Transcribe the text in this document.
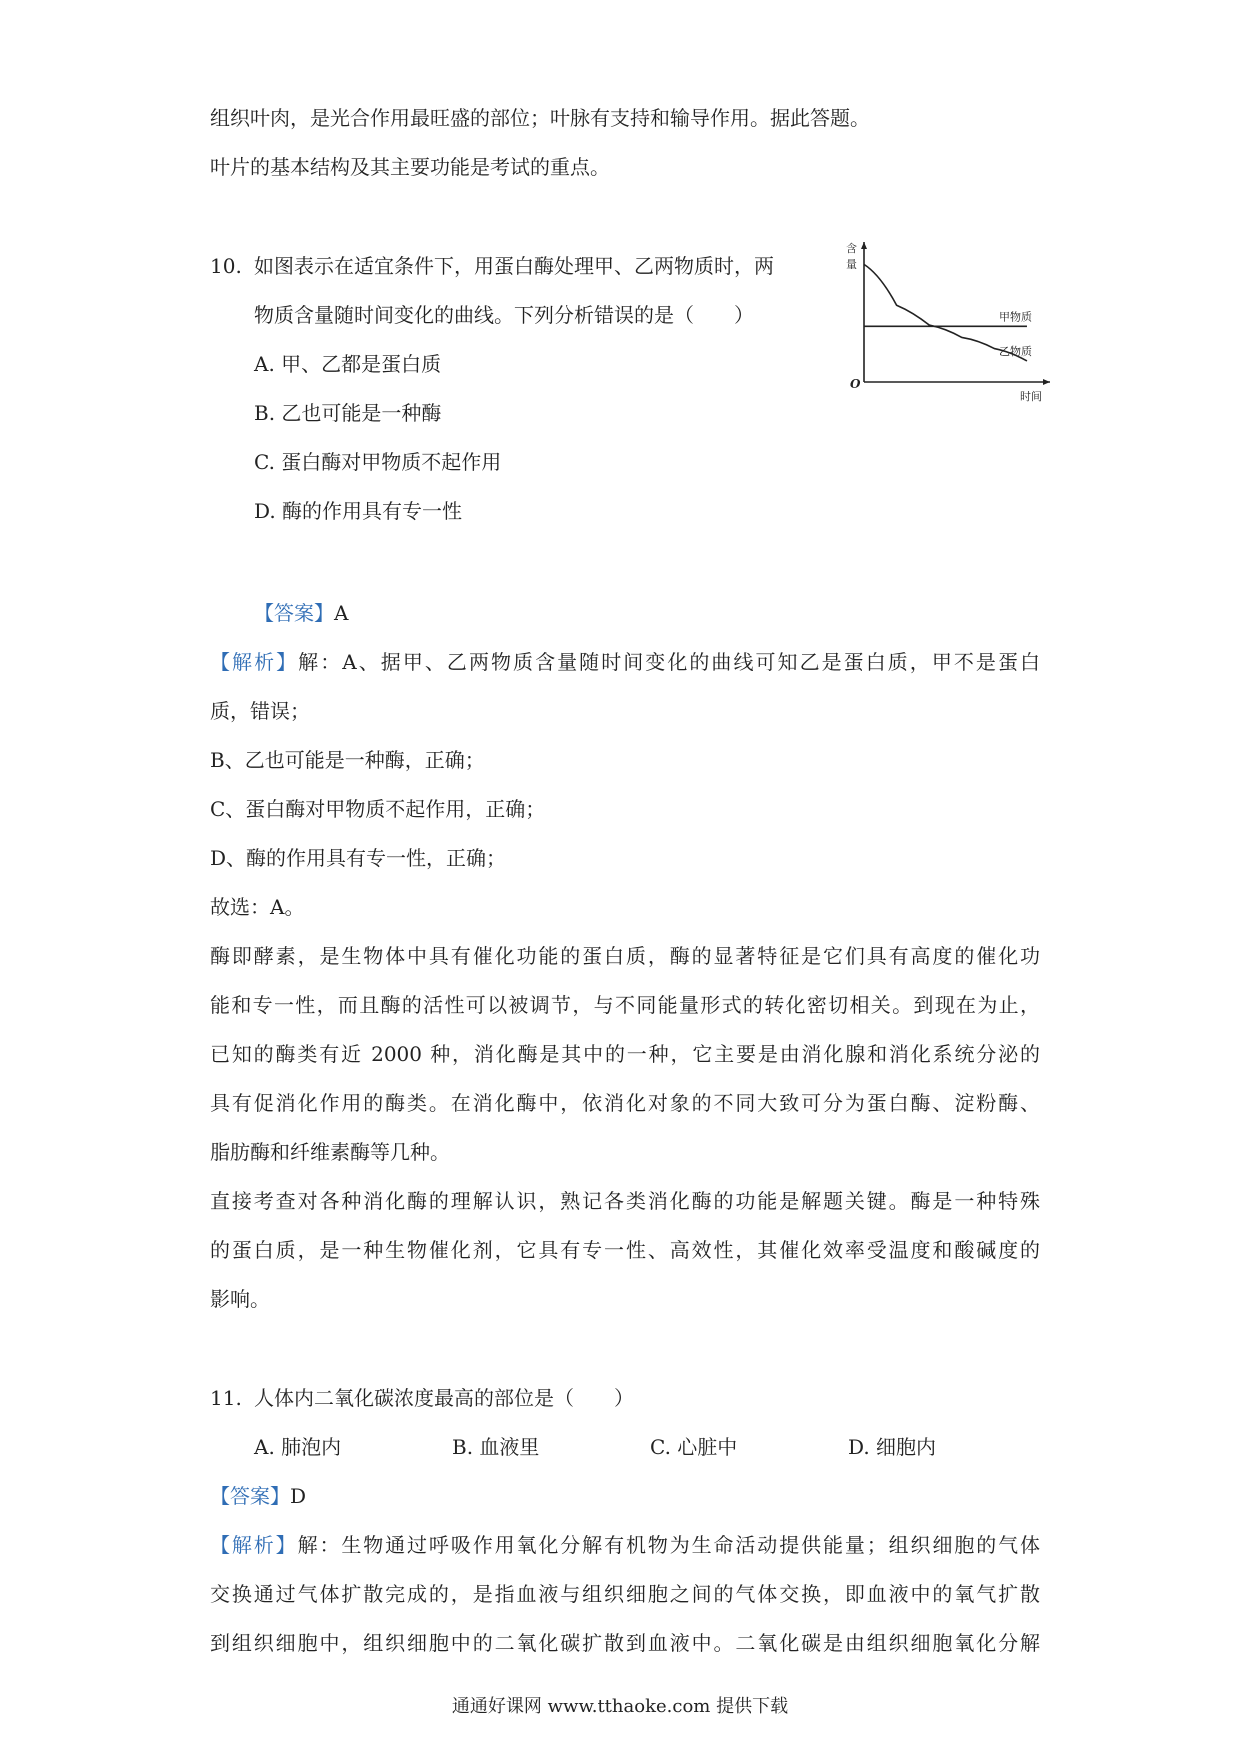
组织叶肉，是光合作用最旺盛的部位；叶脉有支持和输导作用。据此答题。
叶片的基本结构及其主要功能是考试的重点。
10. 如图表示在适宜条件下，用蛋白酶处理甲、乙两物质时，两
物质含量随时间变化的曲线。下列分析错误的是（　　）
A. 甲、乙都是蛋白质
B. 乙也可能是一种酶
C. 蛋白酶对甲物质不起作用
D. 酶的作用具有专一性
甲物质
乙物质
含
量
时间
O
【答案】A
【解析】解：A、据甲、乙两物质含量随时间变化的曲线可知乙是蛋白质，甲不是蛋白
质，错误；
B、乙也可能是一种酶，正确；
C、蛋白酶对甲物质不起作用，正确；
D、酶的作用具有专一性，正确；
故选：A。
酶即酵素，是生物体中具有催化功能的蛋白质，酶的显著特征是它们具有高度的催化功
能和专一性，而且酶的活性可以被调节，与不同能量形式的转化密切相关。到现在为止，
已知的酶类有近 2000 种，消化酶是其中的一种，它主要是由消化腺和消化系统分泌的
具有促消化作用的酶类。在消化酶中，依消化对象的不同大致可分为蛋白酶、淀粉酶、
脂肪酶和纤维素酶等几种。
直接考查对各种消化酶的理解认识，熟记各类消化酶的功能是解题关键。酶是一种特殊
的蛋白质，是一种生物催化剂，它具有专一性、高效性，其催化效率受温度和酸碱度的
影响。
11. 人体内二氧化碳浓度最高的部位是（　　）
A. 肺泡内	B. 血液里	C. 心脏中	D. 细胞内
【答案】D
【解析】解：生物通过呼吸作用氧化分解有机物为生命活动提供能量；组织细胞的气体
交换通过气体扩散完成的，是指血液与组织细胞之间的气体交换，即血液中的氧气扩散
到组织细胞中，组织细胞中的二氧化碳扩散到血液中。二氧化碳是由组织细胞氧化分解
通通好课网 www.tthaoke.com 提供下载
